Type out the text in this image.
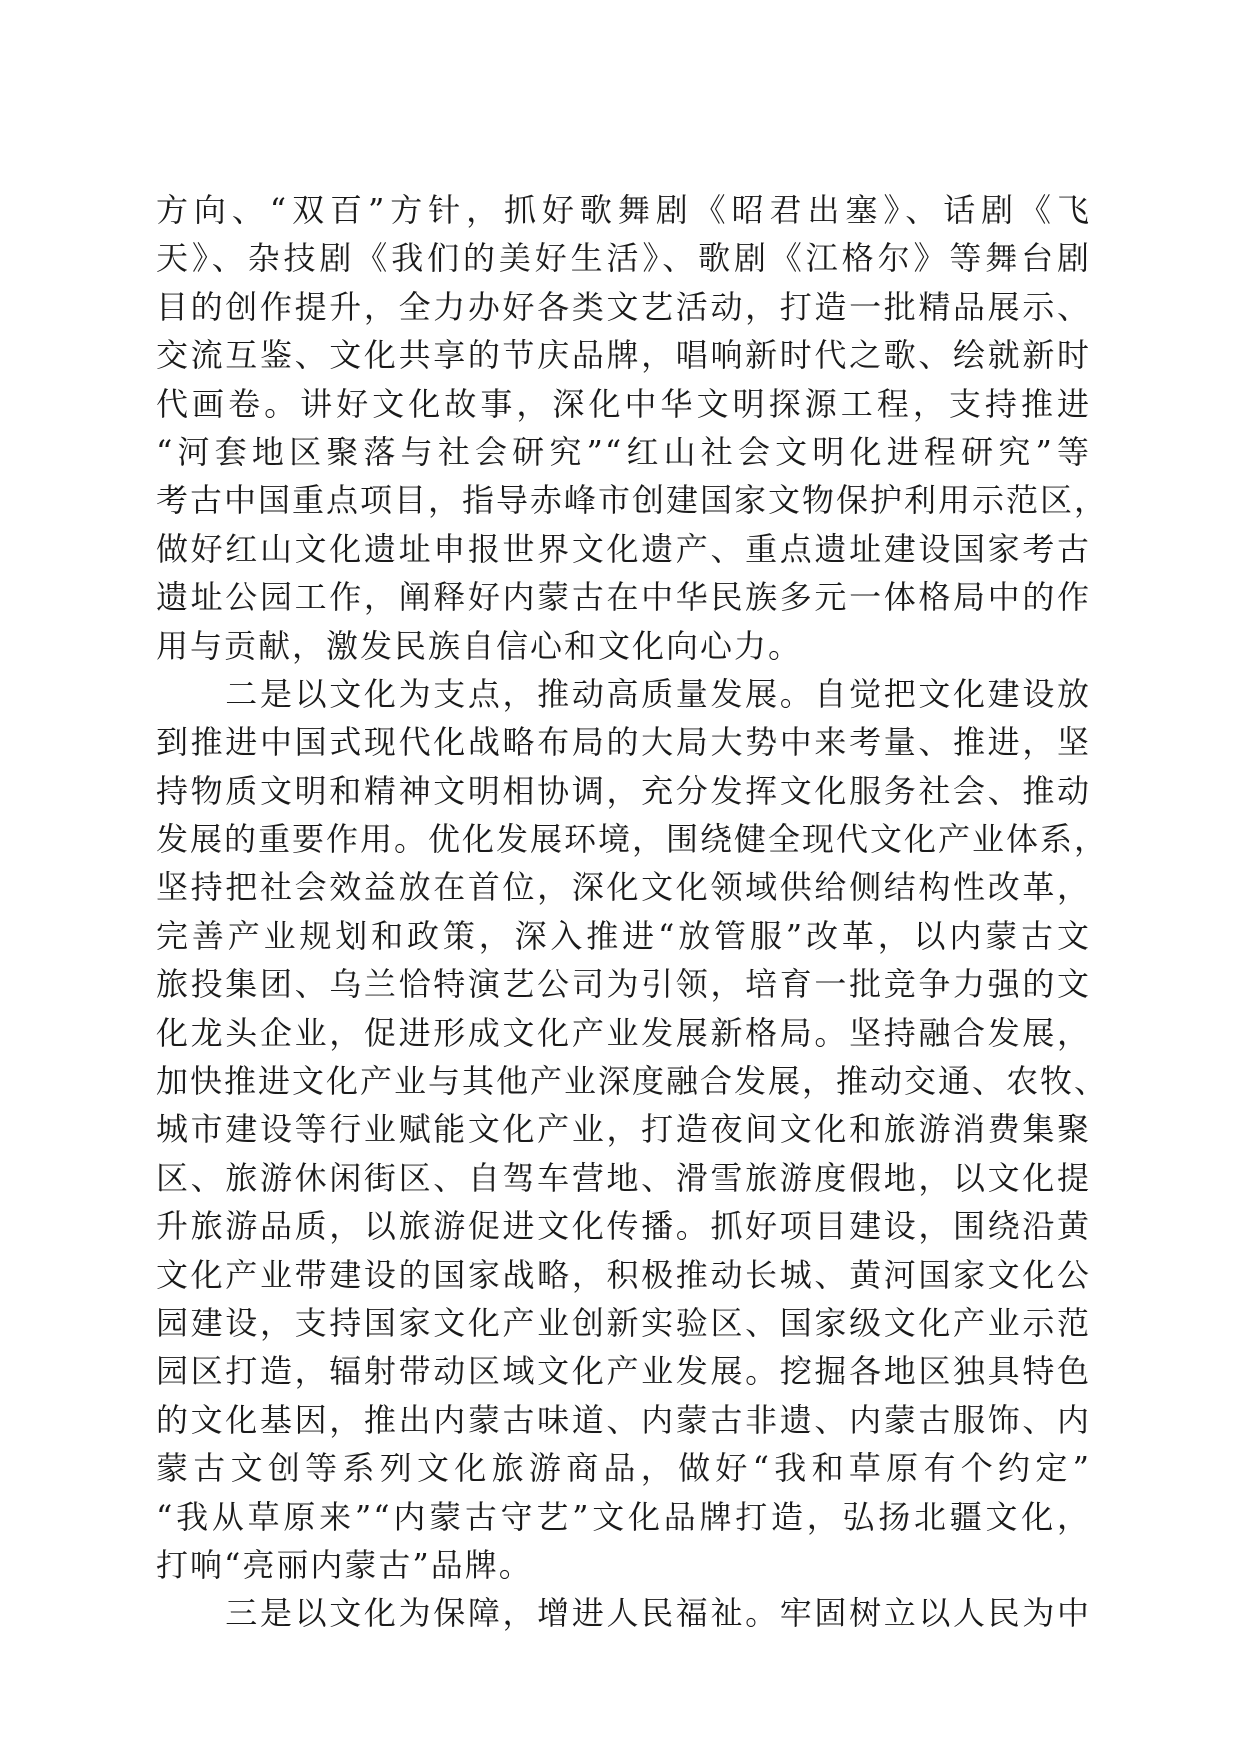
方向、“双百”方针，抓好歌舞剧《昭君出塞》、话剧《飞
天》、杂技剧《我们的美好生活》、歌剧《江格尔》等舞台剧
目的创作提升，全力办好各类文艺活动，打造一批精品展示、
交流互鉴、文化共享的节庆品牌，唱响新时代之歌、绘就新时
代画卷。讲好文化故事，深化中华文明探源工程，支持推进
“河套地区聚落与社会研究”“红山社会文明化进程研究”等
考古中国重点项目，指导赤峰市创建国家文物保护利用示范区，
做好红山文化遗址申报世界文化遗产、重点遗址建设国家考古
遗址公园工作，阐释好内蒙古在中华民族多元一体格局中的作
用与贡献，激发民族自信心和文化向心力。
　　二是以文化为支点，推动高质量发展。自觉把文化建设放
到推进中国式现代化战略布局的大局大势中来考量、推进，坚
持物质文明和精神文明相协调，充分发挥文化服务社会、推动
发展的重要作用。优化发展环境，围绕健全现代文化产业体系，
坚持把社会效益放在首位，深化文化领域供给侧结构性改革，
完善产业规划和政策，深入推进“放管服”改革，以内蒙古文
旅投集团、乌兰恰特演艺公司为引领，培育一批竞争力强的文
化龙头企业，促进形成文化产业发展新格局。坚持融合发展，
加快推进文化产业与其他产业深度融合发展，推动交通、农牧、
城市建设等行业赋能文化产业，打造夜间文化和旅游消费集聚
区、旅游休闲街区、自驾车营地、滑雪旅游度假地，以文化提
升旅游品质，以旅游促进文化传播。抓好项目建设，围绕沿黄
文化产业带建设的国家战略，积极推动长城、黄河国家文化公
园建设，支持国家文化产业创新实验区、国家级文化产业示范
园区打造，辐射带动区域文化产业发展。挖掘各地区独具特色
的文化基因，推出内蒙古味道、内蒙古非遗、内蒙古服饰、内
蒙古文创等系列文化旅游商品，做好“我和草原有个约定”
“我从草原来”“内蒙古守艺”文化品牌打造，弘扬北疆文化，
打响“亮丽内蒙古”品牌。
　　三是以文化为保障，增进人民福祉。牢固树立以人民为中
